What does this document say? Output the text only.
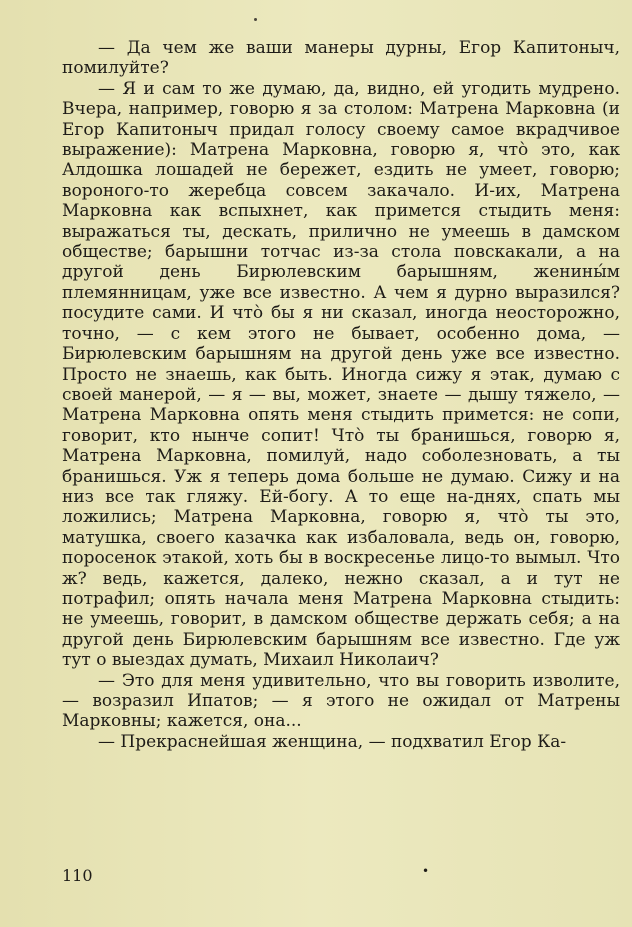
— Да чем же ваши манеры дурны, Егор Капитоныч, помилуйте?

— Я и сам то же думаю, да, видно, ей угодить мудрено. Вчера, например, говорю я за столом: Матрена Марковна (и Егор Капитоныч придал голосу своему самое вкрадчивое выражение): Матрена Марковна, говорю я, что̀ это, как Алдошка лошадей не бережет, ездить не умеет, говорю; вороного-то жеребца совсем закачало. И-их, Матрена Марковна как вспыхнет, как примется стыдить меня: выражаться ты, дескать, прилично не умеешь в дамском обществе; барышни тотчас из-за стола повскакали, а на другой день Бирюлевским барышням, женины́м племянницам, уже все известно. А чем я дурно выразился? посудите сами. И что̀ бы я ни сказал, иногда неосторожно, точно, — с кем этого не бывает, особенно дома, — Бирюлевским барышням на другой день уже все известно. Просто не знаешь, как быть. Иногда сижу я этак, думаю с своей манерой, — я — вы, может, знаете — дышу тяжело, — Матрена Марковна опять меня стыдить примется: не сопи, говорит, кто нынче сопит! Что̀ ты бранишься, говорю я, Матрена Марковна, помилуй, надо соболезновать, а ты бранишься. Уж я теперь дома больше не думаю. Сижу и на низ все так гляжу. Ей-богу. А то еще на-днях, спать мы ложились; Матрена Марковна, говорю я, что̀ ты это, матушка, своего казачка как избаловала, ведь он, говорю, поросенок этакой, хоть бы в воскресенье лицо-то вымыл. Что ж? ведь, кажется, далеко, нежно сказал, а и тут не потрафил; опять начала меня Матрена Марковна стыдить: не умеешь, говорит, в дамском обществе держать себя; а на другой день Бирюлевским барышням все известно. Где уж тут о выездах думать, Михаил Николаич?

— Это для меня удивительно, что вы говорить изволите, — возразил Ипатов; — я этого не ожидал от Матрены Марковны; кажется, она...

— Прекраснейшая женщина, — подхватил Егор Ка-

110	•
